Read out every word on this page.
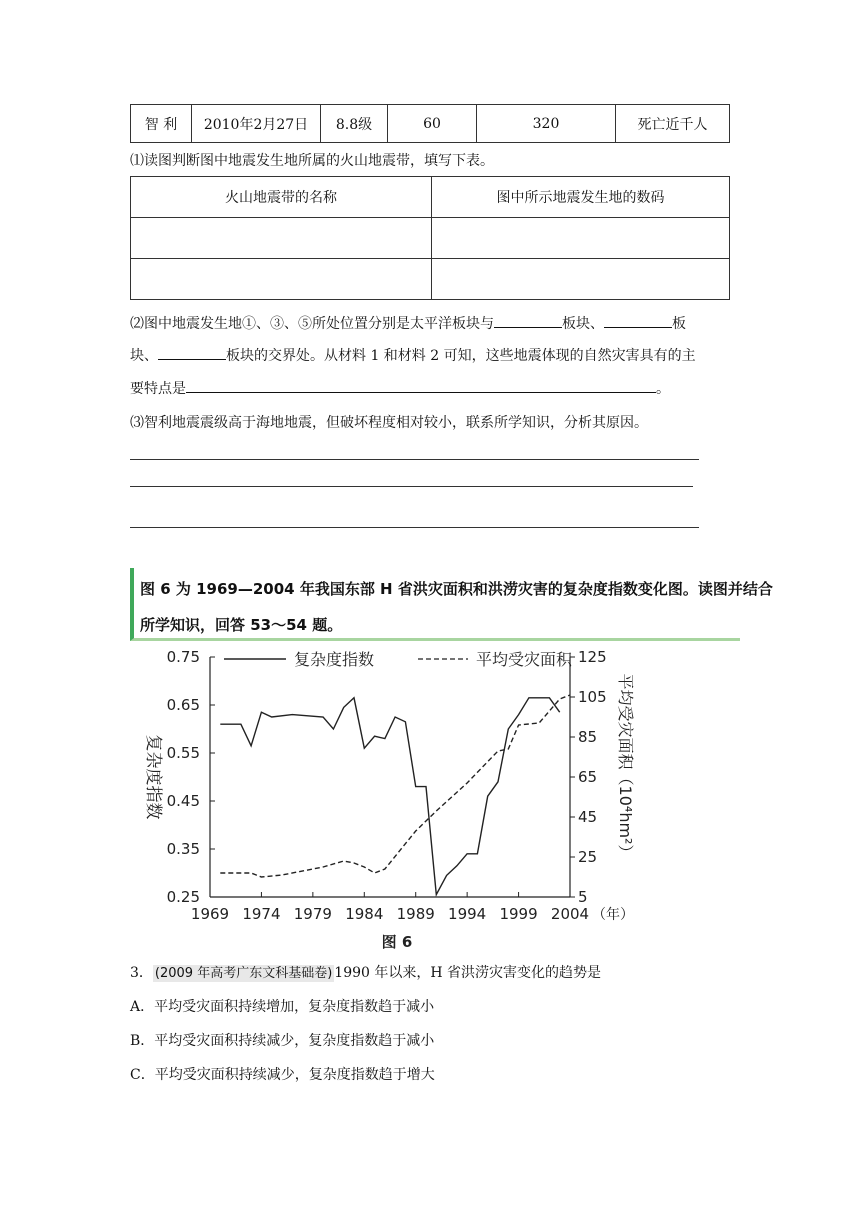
智 利	2010年2月27日	8.8级	60	320	死亡近千人
⑴读图判断图中地震发生地所属的火山地震带，填写下表。
火山地震带的名称	图中所示地震发生地的数码

⑵图中地震发生地①、③、⑤所处位置分别是太平洋板块与	板块、	板
块、	板块的交界处。从材料 1 和材料 2 可知，这些地震体现的自然灾害具有的主
要特点是	。
⑶智利地震震级高于海地地震，但破坏程度相对较小，联系所学知识，分析其原因。
图 6 为 1969—2004 年我国东部 H 省洪灾面积和洪涝灾害的复杂度指数变化图。读图并结合
所学知识，回答 53～54 题。
0.75
0.65
0.55
0.45
0.35
0.25
125
105
85
65
45
25
5
1969 1974 1979 1984 1989 1994 1999 2004 （年）
复杂度指数	平均受灾面积（10⁴hm²）
图 6
复杂度指数	平均受灾面积
3． (2009 年高考广东文科基础卷) 1990 年以来，H 省洪涝灾害变化的趋势是
A．平均受灾面积持续增加，复杂度指数趋于减小
B．平均受灾面积持续减少，复杂度指数趋于减小
C．平均受灾面积持续减少，复杂度指数趋于增大
